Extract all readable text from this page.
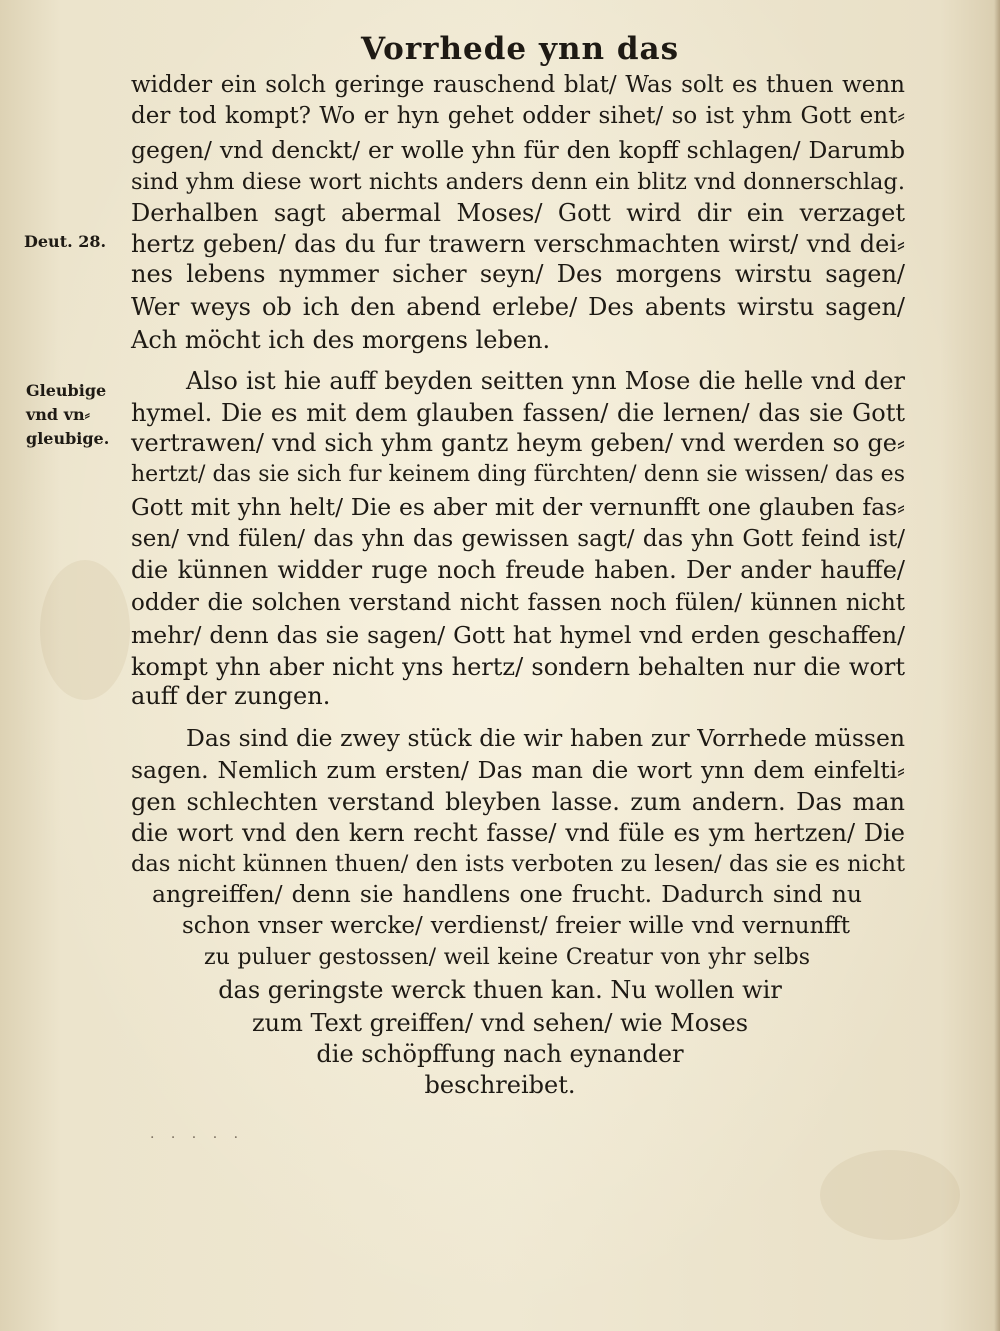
Vorrhede ynn das
Deut. 28.
Gleubige
vnd vn⸗
gleubige.
widder ein solch geringe rauschend blat/ Was solt es thuen wenn
der tod kompt? Wo er hyn gehet odder sihet/ so ist yhm Gott ent⸗
gegen/ vnd denckt/ er wolle yhn für den kopff schlagen/ Darumb
sind yhm diese wort nichts anders denn ein blitz vnd donnerschlag.
Derhalben sagt abermal Moses/ Gott wird dir ein verzaget
hertz geben/ das du fur trawern verschmachten wirst/ vnd dei⸗
nes lebens nymmer sicher seyn/ Des morgens wirstu sagen/
Wer weys ob ich den abend erlebe/ Des abents wirstu sagen/
Ach möcht ich des morgens leben.
Also ist hie auff beyden seitten ynn Mose die helle vnd der
hymel. Die es mit dem glauben fassen/ die lernen/ das sie Gott
vertrawen/ vnd sich yhm gantz heym geben/ vnd werden so ge⸗
hertzt/ das sie sich fur keinem ding fürchten/ denn sie wissen/ das es
Gott mit yhn helt/ Die es aber mit der vernunfft one glauben fas⸗
sen/ vnd fülen/ das yhn das gewissen sagt/ das yhn Gott feind ist/
die künnen widder ruge noch freude haben. Der ander hauffe/
odder die solchen verstand nicht fassen noch fülen/ künnen nicht
mehr/ denn das sie sagen/ Gott hat hymel vnd erden geschaffen/
kompt yhn aber nicht yns hertz/ sondern behalten nur die wort
auff der zungen.
Das sind die zwey stück die wir haben zur Vorrhede müssen
sagen. Nemlich zum ersten/ Das man die wort ynn dem einfelti⸗
gen schlechten verstand bleyben lasse. zum andern. Das man
die wort vnd den kern recht fasse/ vnd füle es ym hertzen/ Die
das nicht künnen thuen/ den ists verboten zu lesen/ das sie es nicht
angreiffen/ denn sie handlens one frucht. Dadurch sind nu
schon vnser wercke/ verdienst/ freier wille vnd vernunfft
zu puluer gestossen/ weil keine Creatur von yhr selbs
das geringste werck thuen kan. Nu wollen wir
zum Text greiffen/ vnd sehen/ wie Moses
die schöpffung nach eynander
beschreibet.
· · · · ·
